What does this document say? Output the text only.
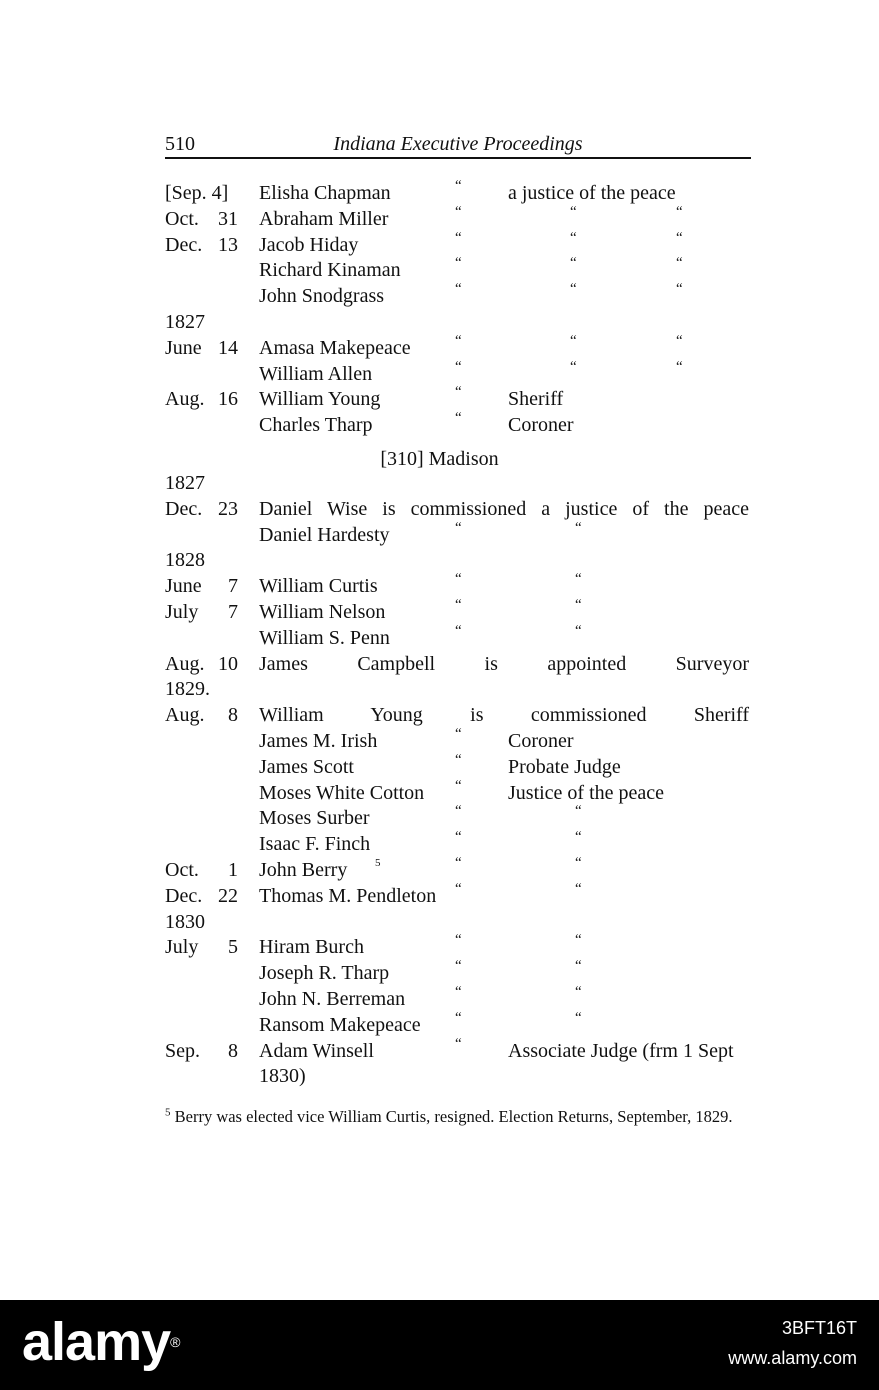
510	Indiana Executive Proceedings
[Sep. 4] Elisha Chapman	“ a justice of the peace
Oct. 31 Abraham Miller	“	“	“
Dec. 13 Jacob Hiday	“	“	“
Richard Kinaman	“	“	“
John Snodgrass	“	“	“
1827
June 14 Amasa Makepeace	“	“	“
William Allen	“	“	“
Aug. 16 William Young	“ Sheriff
Charles Tharp	“ Coroner
[310] Madison
1827
Dec. 23 Daniel Wise is commissioned a justice of the peace
Daniel Hardesty	“	“
1828
June 7 William Curtis	“	“
July 7 William Nelson	“	“
William S. Penn	“	“
Aug. 10 James Campbell is appointed Surveyor
1829.
Aug. 8 William Young is commissioned Sheriff
James M. Irish	“ Coroner
James Scott	“ Probate Judge
Moses White Cotton “ Justice of the peace
Moses Surber	“	“
Isaac F. Finch	“	“
Oct. 1 John Berry	5	“	“
Dec. 22 Thomas M. Pendleton “	“
1830
July 5 Hiram Burch	“	“
Joseph R. Tharp	“	“
John N. Berreman	“	“
Ransom Makepeace “	“
Sep. 8 Adam Winsell	“ Associate Judge (frm 1 Sept
1830)
$^5$ Berry was elected vice William Curtis, resigned. Election Returns, September, 1829.
alamy®
3BFT16T
www.alamy.com
